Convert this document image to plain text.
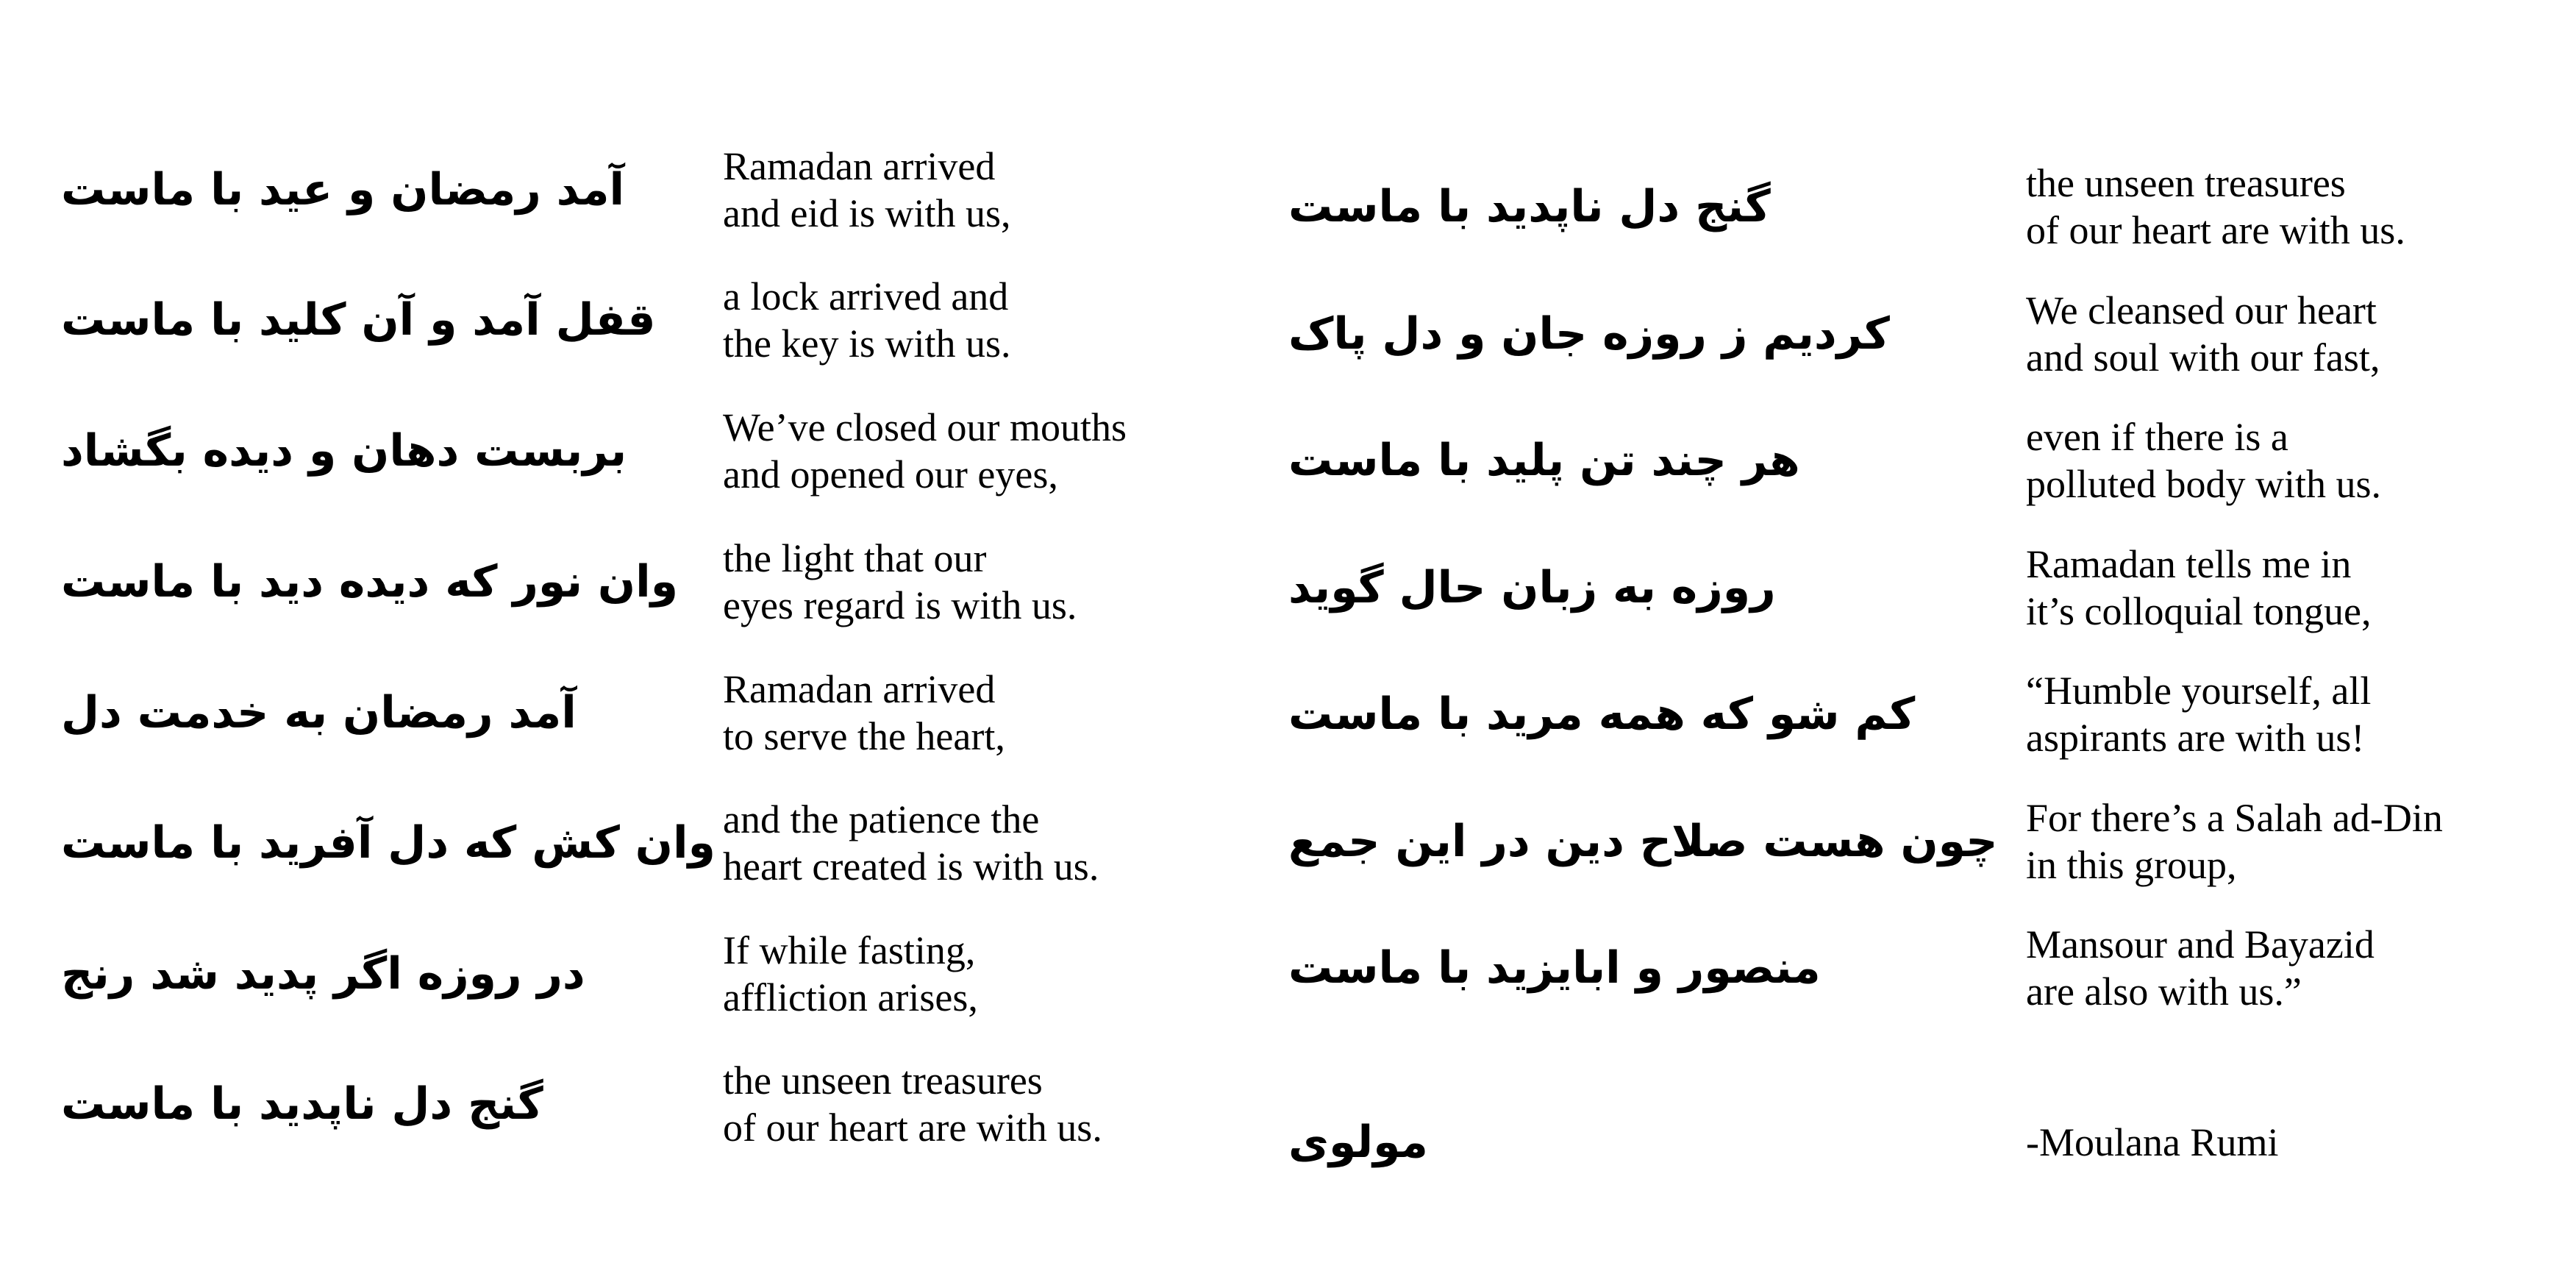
آمد رمضان و عید با ماست	Ramadan arrived
and eid is with us,
قفل آمد و آن کلید با ماست a lock arrived and
the key is with us.
بربست دهان و دیده بگشاد	We’ve closed our mouths
and opened our eyes,
وان نور که دیده دید با ماست the light that our
eyes regard is with us.
آمد رمضان به خدمت دل	Ramadan arrived
to serve the heart,
وان کش که دل آفرید با ماست and the patience the
heart created is with us.
در روزه اگر پدید شد رنج	If while fasting,
affliction arises,
گنج دل ناپدید با ماست	the unseen treasures
of our heart are with us.
گنج دل ناپدید با ماست	the unseen treasures
of our heart are with us.
کردیم ز روزه جان و دل پاک	We cleansed our heart
and soul with our fast,
هر چند تن پلید با ماست	even if there is a
polluted body with us.
روزه به زبان حال گوید	Ramadan tells me in
it’s colloquial tongue,
کم شو که همه مرید با ماست	“Humble yourself, all
aspirants are with us!
چون هست صلاح دین در این جمع For there’s a Salah ad-Din
in this group,
منصور و ابایزید با ماست	Mansour and Bayazid
are also with us.”
مولوی	-Moulana Rumi
